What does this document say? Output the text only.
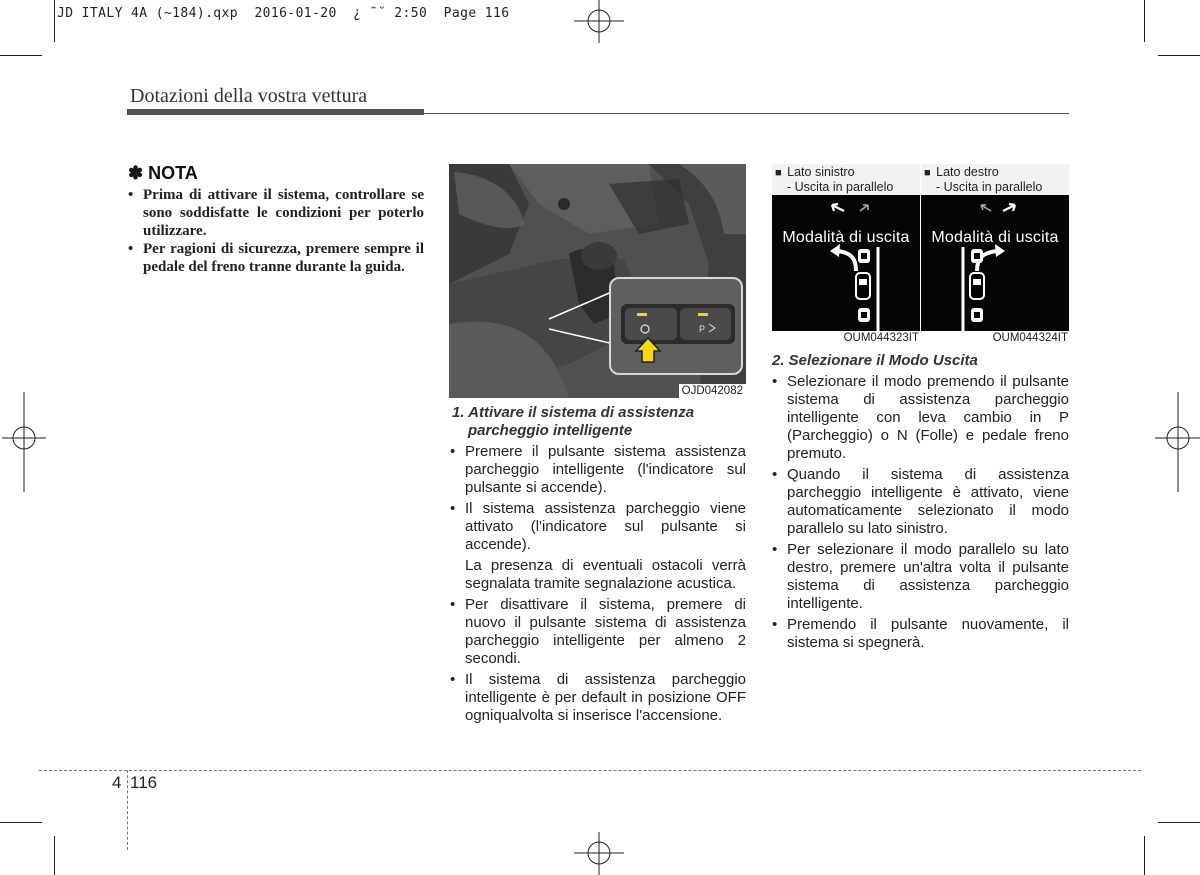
JD ITALY 4A (~184).qxp  2016-01-20  ¿ ˜˘ 2:50  Page 116
Dotazioni della vostra vettura
✽ NOTA
• Prima di attivare il sistema, controllare se sono soddisfatte le condizioni per poterlo utilizzare.
• Per ragioni di sicurezza, premere sempre il pedale del freno tranne durante la guida.
P
OJD042082
1. Attivare il sistema di assistenza
parcheggio intelligente

• Premere il pulsante sistema assistenza parcheggio intelligente (l'indicatore sul pulsante si accende).

• Il sistema assistenza parcheggio viene attivato (l'indicatore sul pulsante si accende).

La presenza di eventuali ostacoli verrà segnalata tramite segnalazione acustica.

• Per disattivare il sistema, premere di nuovo il pulsante sistema di assistenza parcheggio intelligente per almeno 2 secondi.

• Il sistema di assistenza parcheggio intelligente è per default in posizione OFF ogniqualvolta si inserisce l'accensione.

■ Lato sinistro
- Uscita in parallelo
Modalità di uscita
OUM044323IT
■ Lato destro
- Uscita in parallelo
Modalità di uscita
OUM044324IT
2. Selezionare il Modo Uscita

• Selezionare il modo premendo il pulsante sistema di assistenza parcheggio intelligente con leva cambio in P (Parcheggio) o N (Folle) e pedale freno premuto.

• Quando il sistema di assistenza parcheggio intelligente è attivato, viene automaticamente selezionato il modo parallelo su lato sinistro.

• Per selezionare il modo parallelo su lato destro, premere un'altra volta il pulsante sistema di assistenza parcheggio intelligente.

• Premendo il pulsante nuovamente, il sistema si spegnerà.

4 116
